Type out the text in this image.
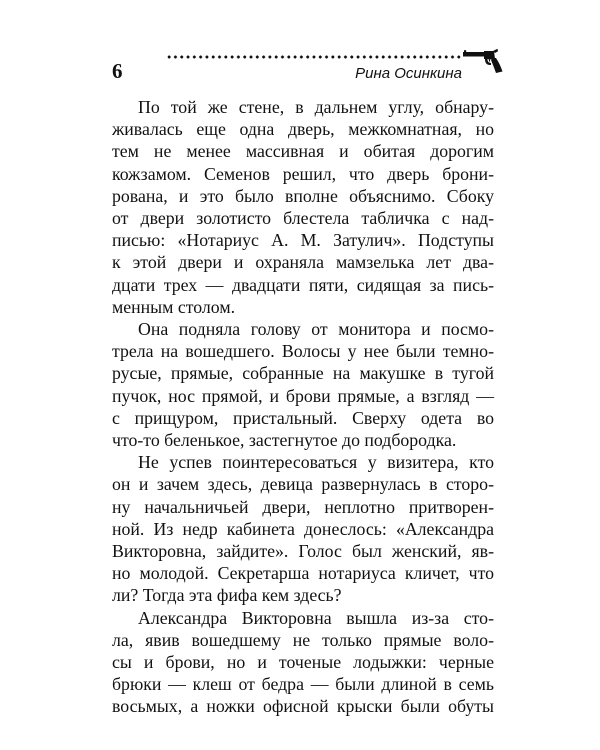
6	Рина Осинкина

По той же стене, в дальнем углу, обнару-
живалась еще одна дверь, межкомнатная, но
тем не менее массивная и обитая дорогим
кожзамом. Семенов решил, что дверь брони-
рована, и это было вполне объяснимо. Сбоку
от двери золотисто блестела табличка с над-
писью: «Нотариус А. М. Затулич». Подступы
к этой двери и охраняла мамзелька лет два-
дцати трех — двадцати пяти, сидящая за пись-
менным столом.

Она подняла голову от монитора и посмо-
трела на вошедшего. Волосы у нее были темно-
русые, прямые, собранные на макушке в тугой
пучок, нос прямой, и брови прямые, а взгляд —
с прищуром, пристальный. Сверху одета во
что-то беленькое, застегнутое до подбородка.

Не успев поинтересоваться у визитера, кто
он и зачем здесь, девица развернулась в сторо-
ну начальничьей двери, неплотно притворен-
ной. Из недр кабинета донеслось: «Александра
Викторовна, зайдите». Голос был женский, яв-
но молодой. Секретарша нотариуса кличет, что
ли? Тогда эта фифа кем здесь?

Александра Викторовна вышла из-за сто-
ла, явив вошедшему не только прямые воло-
сы и брови, но и точеные лодыжки: черные
брюки — клеш от бедра — были длиной в семь
восьмых, а ножки офисной крыски были обуты
